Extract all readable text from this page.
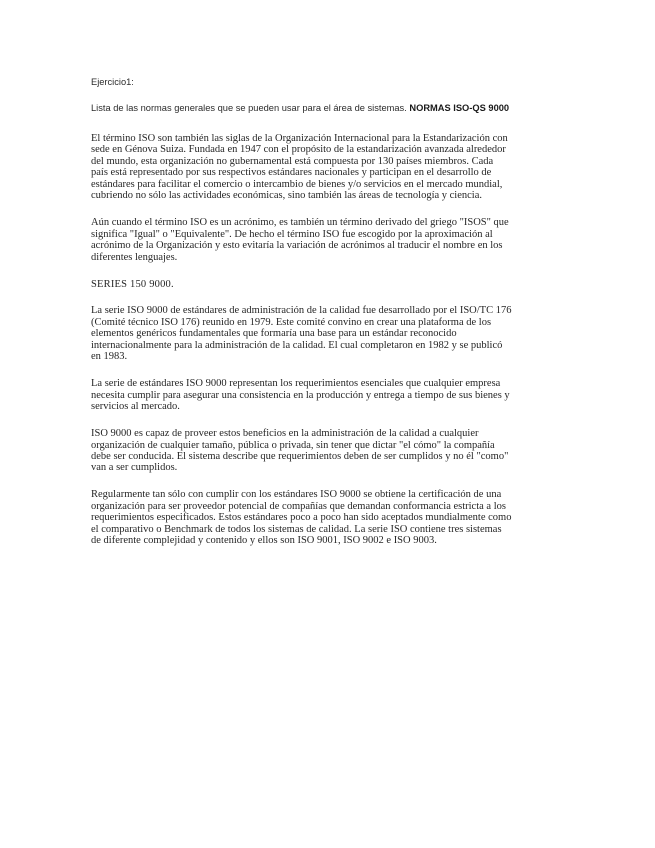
Ejercicio1:
Lista de las normas generales que se pueden usar para el área de sistemas. NORMAS ISO-QS 9000

El término ISO son también las siglas de la Organización Internacional para la Estandarización con
sede en Génova Suiza. Fundada en 1947 con el propósito de la estandarización avanzada alrededor
del mundo, esta organización no gubernamental está compuesta por 130 países miembros. Cada
país está representado por sus respectivos estándares nacionales y participan en el desarrollo de
estándares para facilitar el comercio o intercambio de bienes y/o servicios en el mercado mundial,
cubriendo no sólo las actividades económicas, sino también las áreas de tecnología y ciencia.

Aún cuando el término ISO es un acrónimo, es también un término derivado del griego "ISOS" que
significa "Igual" o "Equivalente". De hecho el término ISO fue escogido por la aproximación al
acrónimo de la Organización y esto evitaría la variación de acrónimos al traducir el nombre en los
diferentes lenguajes.

SERIES 150 9000.

La serie ISO 9000 de estándares de administración de la calidad fue desarrollado por el ISO/TC 176
(Comité técnico ISO 176) reunido en 1979. Este comité convino en crear una plataforma de los
elementos genéricos fundamentales que formaría una base para un estándar reconocido
internacionalmente para la administración de la calidad. El cual completaron en 1982 y se publicó
en 1983.

La serie de estándares ISO 9000 representan los requerimientos esenciales que cualquier empresa
necesita cumplir para asegurar una consistencia en la producción y entrega a tiempo de sus bienes y
servicios al mercado.

ISO 9000 es capaz de proveer estos beneficios en la administración de la calidad a cualquier
organización de cualquier tamaño, pública o privada, sin tener que dictar "el cómo" la compañía
debe ser conducida. El sistema describe que requerimientos deben de ser cumplidos y no él "como"
van a ser cumplidos.

Regularmente tan sólo con cumplir con los estándares ISO 9000 se obtiene la certificación de una
organización para ser proveedor potencial de compañías que demandan conformancia estricta a los
requerimientos especificados. Estos estándares poco a poco han sido aceptados mundialmente como
el comparativo o Benchmark de todos los sistemas de calidad. La serie ISO contiene tres sistemas
de diferente complejidad y contenido y ellos son ISO 9001, ISO 9002 e ISO 9003.
